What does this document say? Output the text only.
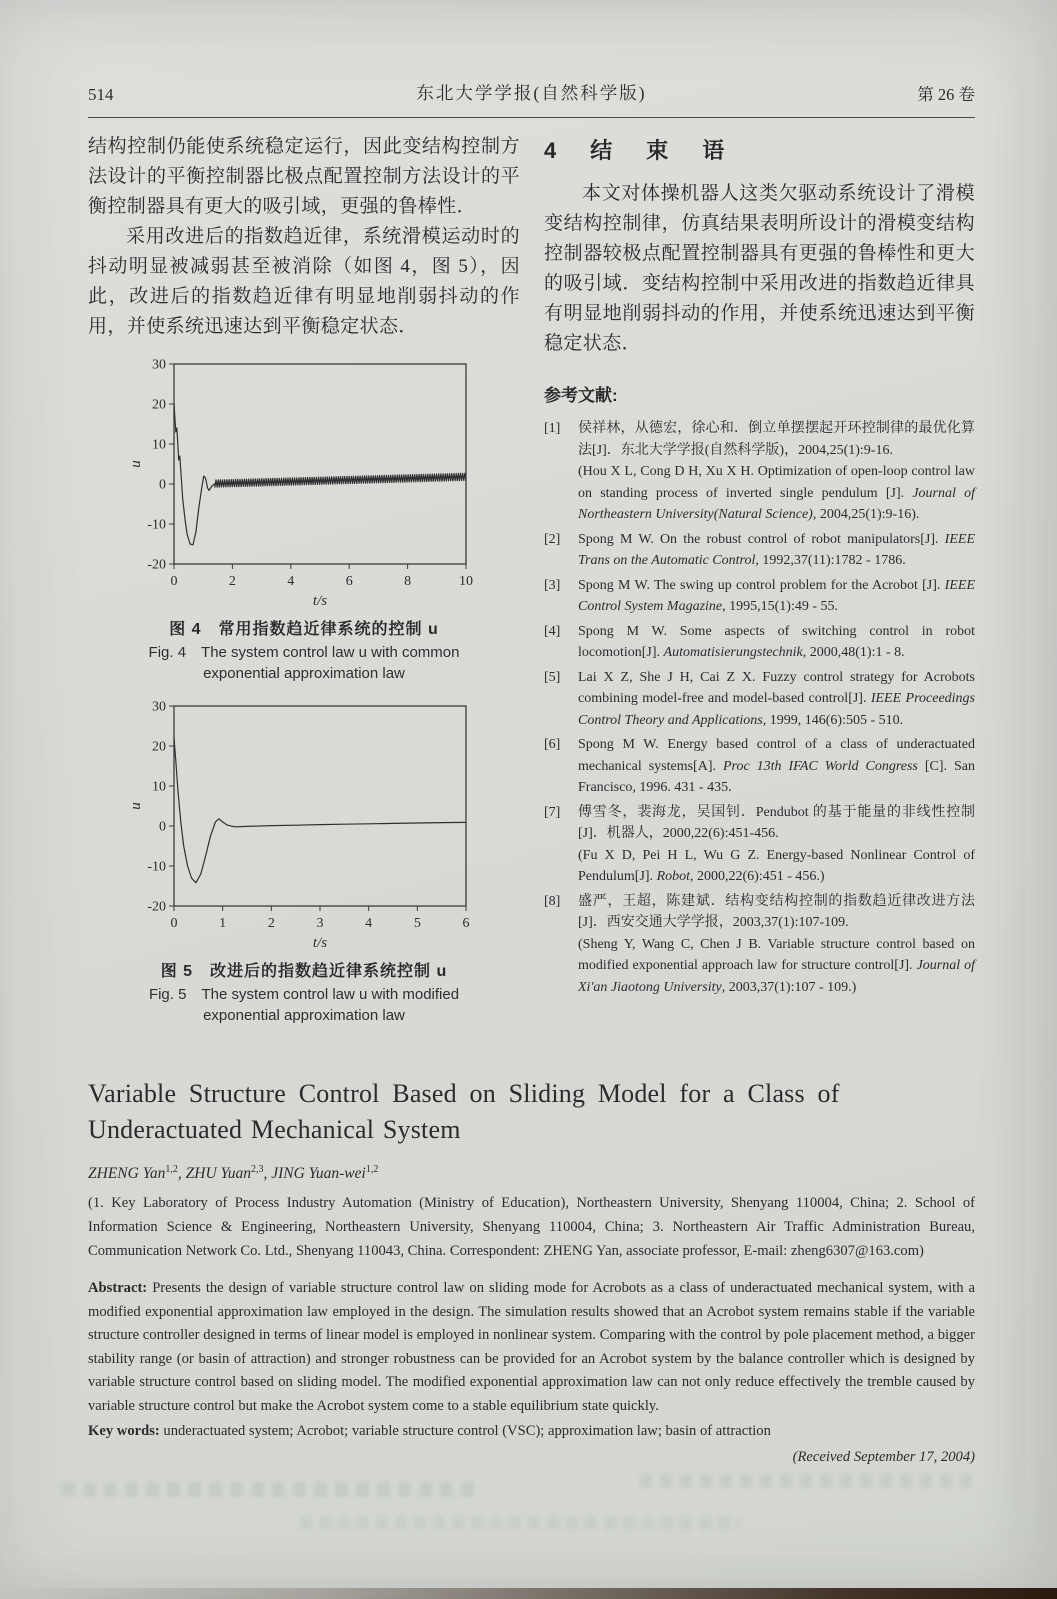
514	东北大学学报(自然科学版)	第 26 卷

结构控制仍能使系统稳定运行，因此变结构控制方法设计的平衡控制器比极点配置控制方法设计的平衡控制器具有更大的吸引域，更强的鲁棒性．

采用改进后的指数趋近律，系统滑模运动时的抖动明显被减弱甚至被消除（如图 4，图 5），因此，改进后的指数趋近律有明显地削弱抖动的作用，并使系统迅速达到平衡稳定状态．

-20
-10
0
10
20
30
0	2	4	6	8	10
t/s
u
图 4　常用指数趋近律系统的控制 u
Fig. 4　The system control law u with common
exponential approximation law
-20
-10
0
10
20
30
0	1	2	3	4	5	6
t/s
u
图 5　改进后的指数趋近律系统控制 u
Fig. 5　The system control law u with modified
exponential approximation law
4　结　束　语

本文对体操机器人这类欠驱动系统设计了滑模变结构控制律，仿真结果表明所设计的滑模变结构控制器较极点配置控制器具有更强的鲁棒性和更大的吸引域．变结构控制中采用改进的指数趋近律具有明显地削弱抖动的作用，并使系统迅速达到平衡稳定状态．

参考文献:
[1]	侯祥林，从德宏，徐心和．倒立单摆摆起开环控制律的最优化算法[J]．东北大学学报(自然科学版)，2004,25(1):9-16.
(Hou X L, Cong D H, Xu X H. Optimization of open-loop control law on standing process of inverted single pendulum [J]. Journal of Northeastern University(Natural Science), 2004,25(1):9-16).
[2]	Spong M W. On the robust control of robot manipulators[J]. IEEE Trans on the Automatic Control, 1992,37(11):1782 - 1786.
[3]	Spong M W. The swing up control problem for the Acrobot [J]. IEEE Control System Magazine, 1995,15(1):49 - 55.
[4]	Spong M W. Some aspects of switching control in robot locomotion[J]. Automatisierungstechnik, 2000,48(1):1 - 8.
[5]	Lai X Z, She J H, Cai Z X. Fuzzy control strategy for Acrobots combining model-free and model-based control[J]. IEEE Proceedings Control Theory and Applications, 1999, 146(6):505 - 510.
[6]	Spong M W. Energy based control of a class of underactuated mechanical systems[A]. Proc 13th IFAC World Congress [C]. San Francisco, 1996. 431 - 435.
[7]	傅雪冬，裴海龙，吴国钊．Pendubot 的基于能量的非线性控制[J]．机器人，2000,22(6):451-456.
(Fu X D, Pei H L, Wu G Z. Energy-based Nonlinear Control of Pendulum[J]. Robot, 2000,22(6):451 - 456.)
[8]	盛严，王超，陈建斌．结构变结构控制的指数趋近律改进方法[J]．西安交通大学学报，2003,37(1):107-109.
(Sheng Y, Wang C, Chen J B. Variable structure control based on modified exponential approach law for structure control[J]. Journal of Xi'an Jiaotong University, 2003,37(1):107 - 109.)
Variable Structure Control Based on Sliding Model for a Class of
Underactuated Mechanical System

ZHENG Yan$^{1,2}$, ZHU Yuan$^{2,3}$, JING Yuan-wei$^{1,2}$

(1. Key Laboratory of Process Industry Automation (Ministry of Education), Northeastern University, Shenyang 110004, China; 2. School of Information Science & Engineering, Northeastern University, Shenyang 110004, China; 3. Northeastern Air Traffic Administration Bureau, Communication Network Co. Ltd., Shenyang 110043, China. Correspondent: ZHENG Yan, associate professor, E-mail: zheng6307@163.com)

Abstract: Presents the design of variable structure control law on sliding mode for Acrobots as a class of underactuated mechanical system, with a modified exponential approximation law employed in the design. The simulation results showed that an Acrobot system remains stable if the variable structure controller designed in terms of linear model is employed in nonlinear system. Comparing with the control by pole placement method, a bigger stability range (or basin of attraction) and stronger robustness can be provided for an Acrobot system by the balance controller which is designed by variable structure control based on sliding model. The modified exponential approximation law can not only reduce effectively the tremble caused by variable structure control but make the Acrobot system come to a stable equilibrium state quickly.

Key words: underactuated system; Acrobot; variable structure control (VSC); approximation law; basin of attraction

(Received September 17, 2004)
